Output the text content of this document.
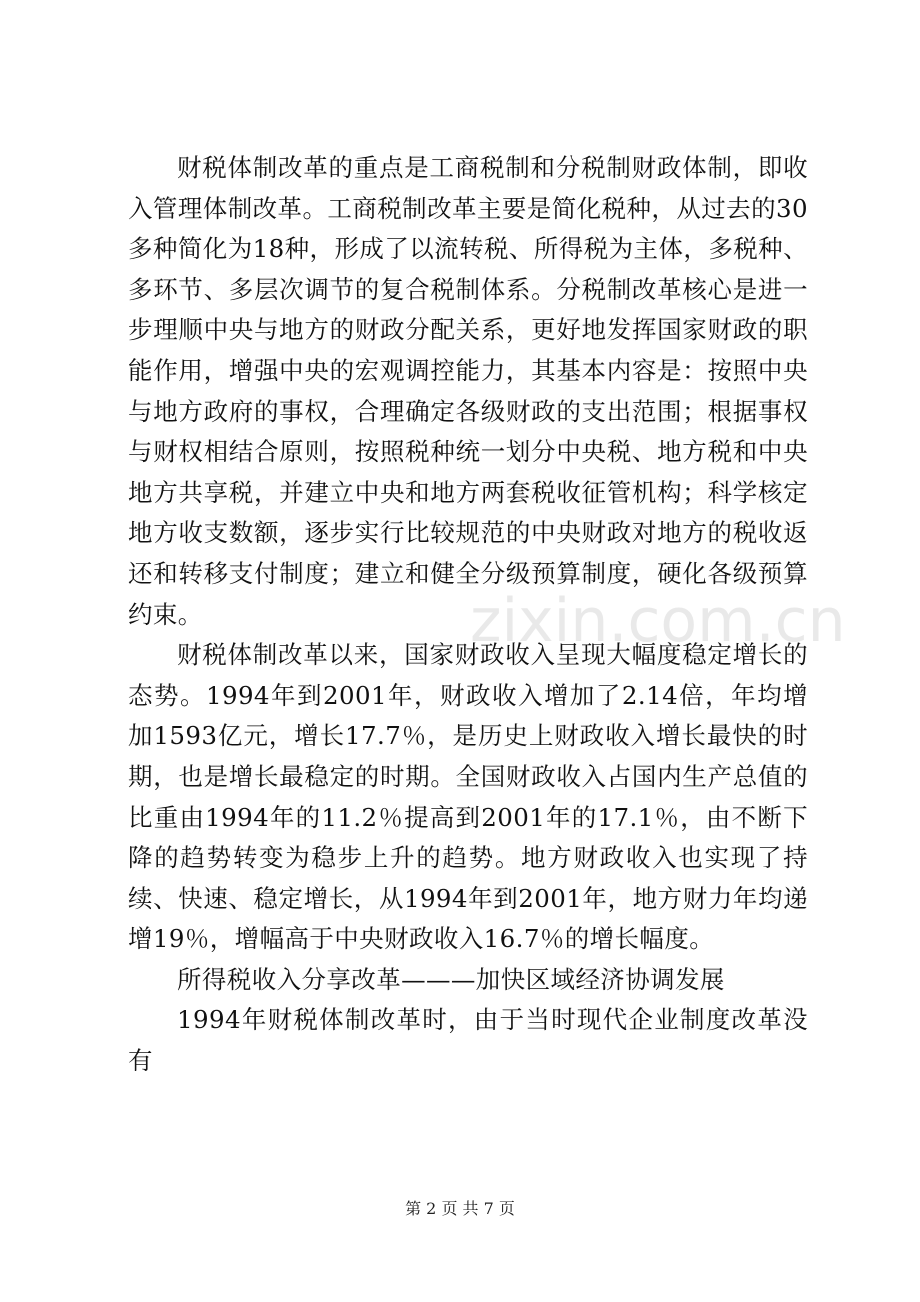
财税体制改革的重点是工商税制和分税制财政体制，即收入管理体制改革。工商税制改革主要是简化税种，从过去的30多种简化为18种，形成了以流转税、所得税为主体，多税种、多环节、多层次调节的复合税制体系。分税制改革核心是进一步理顺中央与地方的财政分配关系，更好地发挥国家财政的职能作用，增强中央的宏观调控能力，其基本内容是：按照中央与地方政府的事权，合理确定各级财政的支出范围；根据事权与财权相结合原则，按照税种统一划分中央税、地方税和中央地方共享税，并建立中央和地方两套税收征管机构；科学核定地方收支数额，逐步实行比较规范的中央财政对地方的税收返还和转移支付制度；建立和健全分级预算制度，硬化各级预算约束。

财税体制改革以来，国家财政收入呈现大幅度稳定增长的态势。1994年到2001年，财政收入增加了2.14倍，年均增加1593亿元，增长17.7％，是历史上财政收入增长最快的时期，也是增长最稳定的时期。全国财政收入占国内生产总值的比重由1994年的11.2％提高到2001年的17.1％，由不断下降的趋势转变为稳步上升的趋势。地方财政收入也实现了持续、快速、稳定增长，从1994年到2001年，地方财力年均递增19％，增幅高于中央财政收入16.7％的增长幅度。

所得税收入分享改革———加快区域经济协调发展

1994年财税体制改革时，由于当时现代企业制度改革没有

zixin.com.cn
第 2 页 共 7 页
